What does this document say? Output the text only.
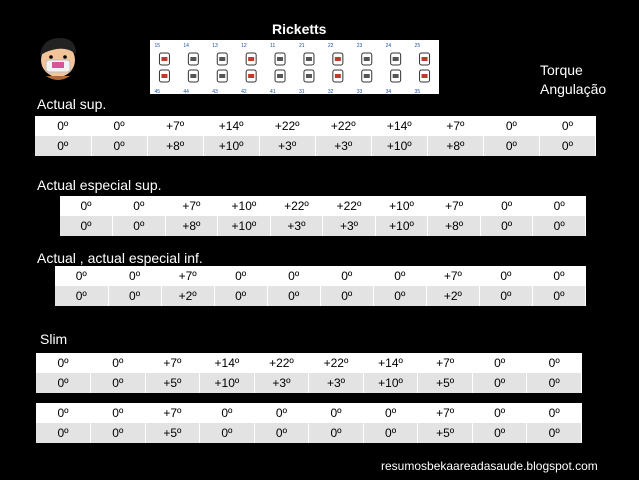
Ricketts
15
45
14
44
13
43
12
42
11
41
21
31
22
32
23
33
24
34
25
35
Torque
Angulação
Actual sup.
Actual especial sup.
Actual , actual especial inf.
Slim
0º	0º	+7º	+14º	+22º	+22º	+14º	+7º	0º	0º
0º	0º	+8º	+10º	+3º	+3º	+10º	+8º	0º	0º
0º	0º	+7º	+10º	+22º	+22º	+10º	+7º	0º	0º
0º	0º	+8º	+10º	+3º	+3º	+10º	+8º	0º	0º
0º	0º	+7º	0º	0º	0º	0º	+7º	0º	0º
0º	0º	+2º	0º	0º	0º	0º	+2º	0º	0º
0º	0º	+7º	+14º	+22º	+22º	+14º	+7º	0º	0º
0º	0º	+5º	+10º	+3º	+3º	+10º	+5º	0º	0º
0º	0º	+7º	0º	0º	0º	0º	+7º	0º	0º
0º	0º	+5º	0º	0º	0º	0º	+5º	0º	0º
resumosbekaareadasaude.blogspot.com
